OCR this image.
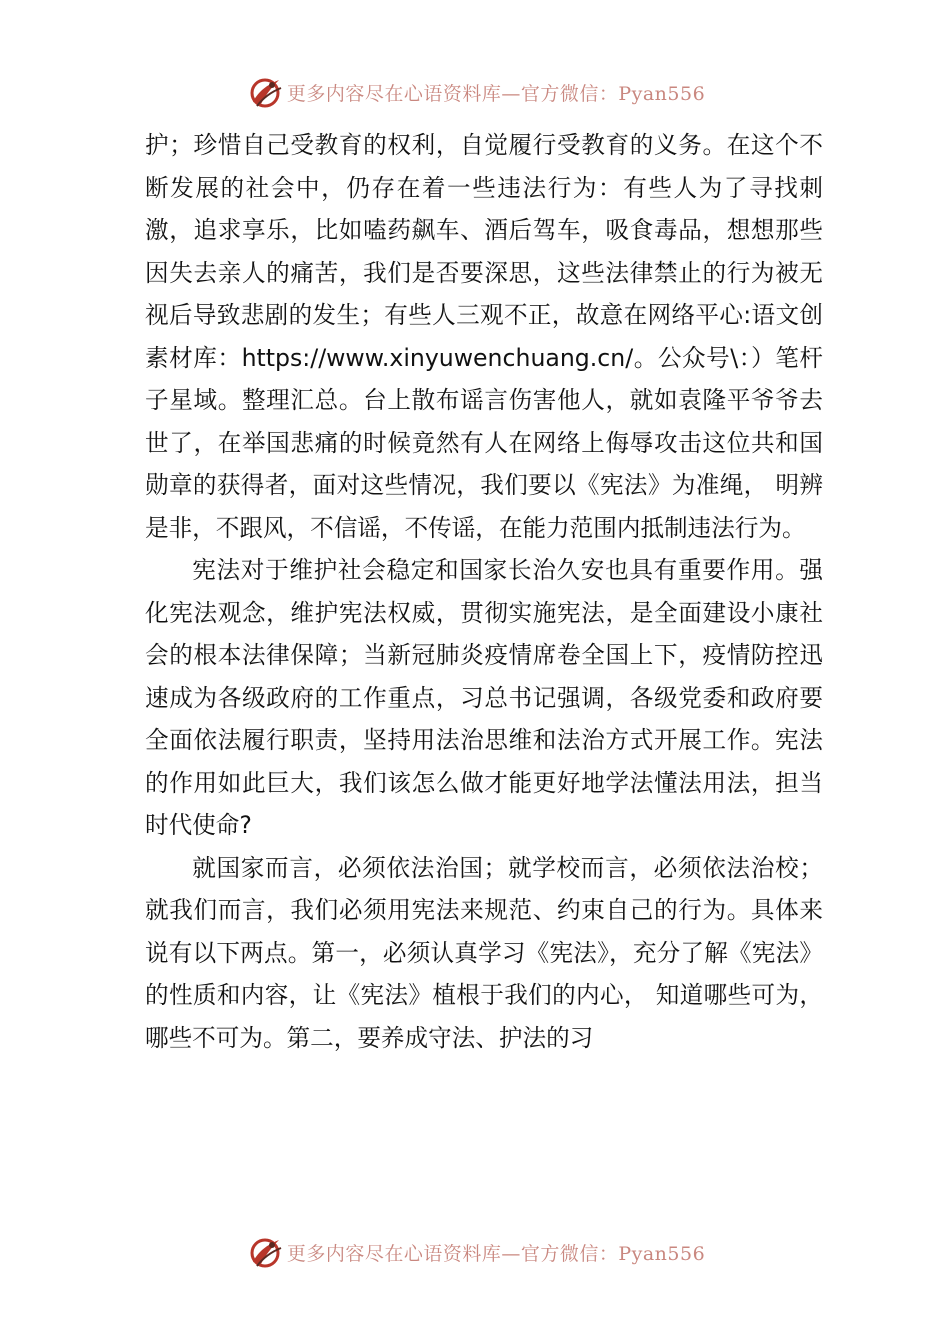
更多内容尽在心语资料库—官方微信：Pyan556

护；珍惜自己受教育的权利，自觉履行受教育的义务。在这个不断发展的社会中，仍存在着一些违法行为：有些人为了寻找刺激，追求享乐，比如嗑药飙车、酒后驾车，吸食毒品，想想那些因失去亲人的痛苦，我们是否要深思，这些法律禁止的行为被无视后导致悲剧的发生；有些人三观不正，故意在网络平心:语文创素材库：https://www.xinyuwenchuang.cn/。公众号\：）笔杆子星域。整理汇总。台上散布谣言伤害他人，就如袁隆平爷爷去世了，在举国悲痛的时候竟然有人在网络上侮辱攻击这位共和国勋章的获得者，面对这些情况，我们要以《宪法》为准绳， 明辨是非，不跟风，不信谣，不传谣，在能力范围内抵制违法行为。

宪法对于维护社会稳定和国家长治久安也具有重要作用。强化宪法观念，维护宪法权威，贯彻实施宪法，是全面建设小康社会的根本法律保障；当新冠肺炎疫情席卷全国上下，疫情防控迅速成为各级政府的工作重点，习总书记强调，各级党委和政府要全面依法履行职责，坚持用法治思维和法治方式开展工作。宪法的作用如此巨大，我们该怎么做才能更好地学法懂法用法，担当时代使命?

就国家而言，必须依法治国；就学校而言，必须依法治校；就我们而言，我们必须用宪法来规范、约束自己的行为。具体来说有以下两点。第一，必须认真学习《宪法》，充分了解《宪法》的性质和内容，让《宪法》植根于我们的内心， 知道哪些可为，哪些不可为。第二，要养成守法、护法的习

更多内容尽在心语资料库—官方微信：Pyan556
